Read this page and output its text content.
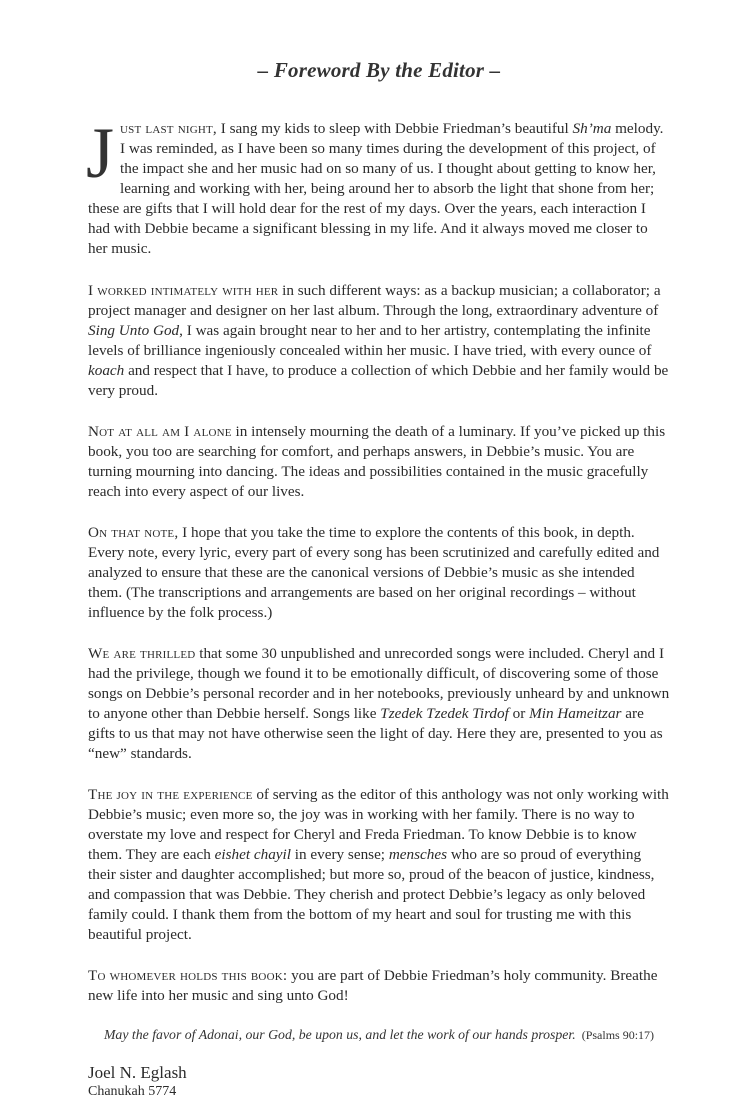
– Foreword By the Editor –

Just last night, I sang my kids to sleep with Debbie Friedman’s beautiful Sh’ma melody. I was reminded, as I have been so many times during the development of this project, of the impact she and her music had on so many of us. I thought about getting to know her, learning and working with her, being around her to absorb the light that shone from her; these are gifts that I will hold dear for the rest of my days. Over the years, each interaction I had with Debbie became a significant blessing in my life. And it always moved me closer to her music.

I worked intimately with her in such different ways: as a backup musician; a collaborator; a project manager and designer on her last album. Through the long, extraordinary adventure of Sing Unto God, I was again brought near to her and to her artistry, contemplating the infinite levels of brilliance ingeniously concealed within her music. I have tried, with every ounce of koach and respect that I have, to produce a collection of which Debbie and her family would be very proud.

Not at all am I alone in intensely mourning the death of a luminary. If you’ve picked up this book, you too are searching for comfort, and perhaps answers, in Debbie’s music. You are turning mourning into dancing. The ideas and possibilities contained in the music gracefully reach into every aspect of our lives.

On that note, I hope that you take the time to explore the contents of this book, in depth. Every note, every lyric, every part of every song has been scrutinized and carefully edited and analyzed to ensure that these are the canonical versions of Debbie’s music as she intended them. (The transcriptions and arrangements are based on her original recordings – without influence by the folk process.)

We are thrilled that some 30 unpublished and unrecorded songs were included. Cheryl and I had the privilege, though we found it to be emotionally difficult, of discovering some of those songs on Debbie’s personal recorder and in her notebooks, previously unheard by and unknown to anyone other than Debbie herself. Songs like Tzedek Tzedek Tirdof or Min Hameitzar are gifts to us that may not have otherwise seen the light of day. Here they are, presented to you as “new” standards.

The joy in the experience of serving as the editor of this anthology was not only working with Debbie’s music; even more so, the joy was in working with her family. There is no way to overstate my love and respect for Cheryl and Freda Friedman. To know Debbie is to know them. They are each eishet chayil in every sense; mensches who are so proud of everything their sister and daughter accomplished; but more so, proud of the beacon of justice, kindness, and compassion that was Debbie. They cherish and protect Debbie’s legacy as only beloved family could. I thank them from the bottom of my heart and soul for trusting me with this beautiful project.

To whomever holds this book: you are part of Debbie Friedman’s holy community. Breathe new life into her music and sing unto God!

May the favor of Adonai, our God, be upon us, and let the work of our hands prosper. (Psalms 90:17)

Joel N. Eglash

Chanukah 5774
